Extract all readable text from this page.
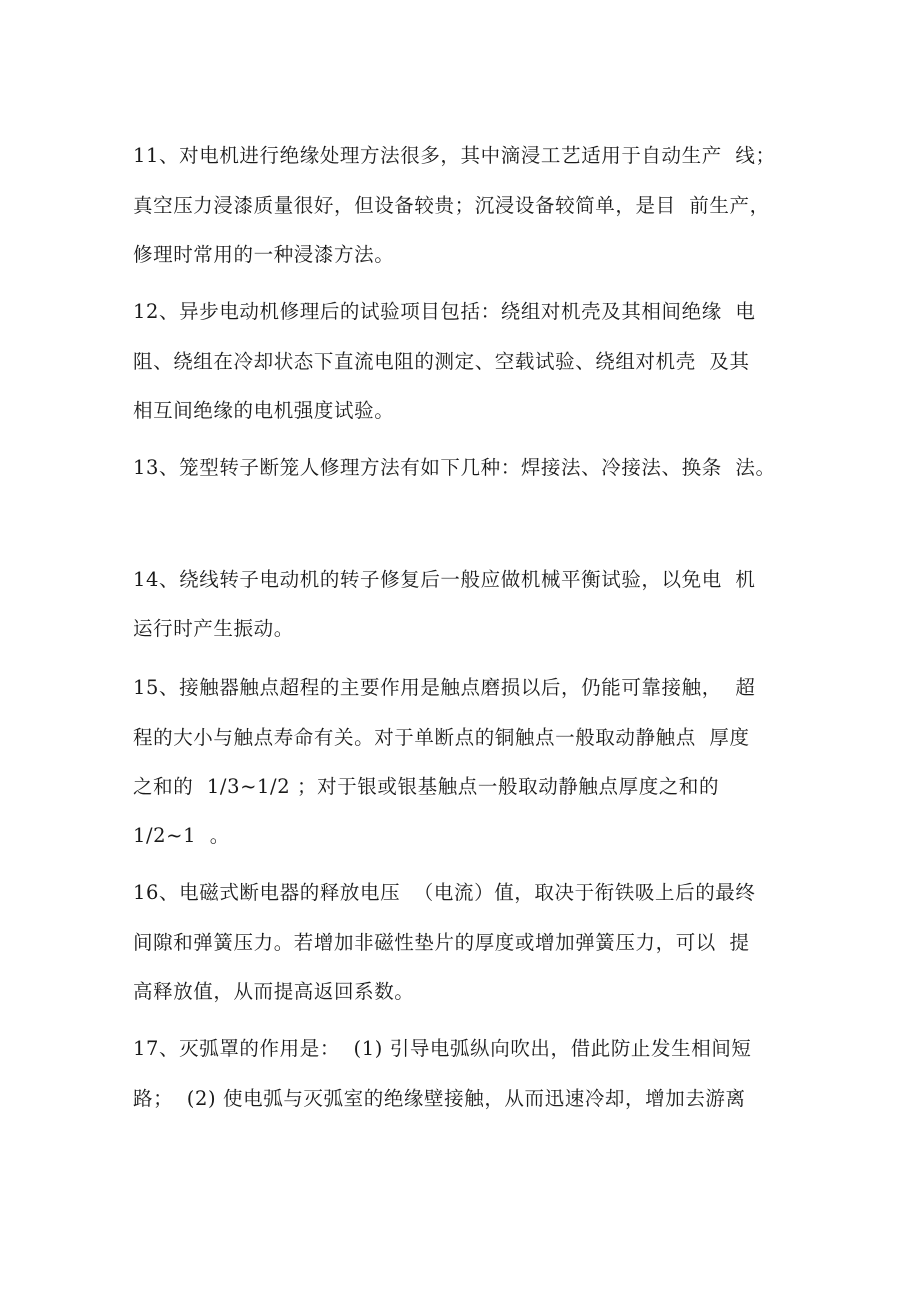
11、对电机进行绝缘处理方法很多，其中滴浸工艺适用于自动生产  线；
真空压力浸漆质量很好，但设备较贵；沉浸设备较简单，是目  前生产，
修理时常用的一种浸漆方法。
12、异步电动机修理后的试验项目包括：绕组对机壳及其相间绝缘  电
阻、绕组在冷却状态下直流电阻的测定、空载试验、绕组对机壳  及其
相互间绝缘的电机强度试验。
13、笼型转子断笼人修理方法有如下几种：焊接法、冷接法、换条  法。
14、绕线转子电动机的转子修复后一般应做机械平衡试验，以免电  机
运行时产生振动。
15、接触器触点超程的主要作用是触点磨损以后，仍能可靠接触，  超
程的大小与触点寿命有关。对于单断点的铜触点一般取动静触点  厚度
之和的  1/3~1/2 ；对于银或银基触点一般取动静触点厚度之和的
1/2~1  。
16、电磁式断电器的释放电压  （电流）值，取决于衔铁吸上后的最终
间隙和弹簧压力。若增加非磁性垫片的厚度或增加弹簧压力，可以  提
高释放值，从而提高返回系数。
17、灭弧罩的作用是：  (1) 引导电弧纵向吹出，借此防止发生相间短
路；  (2) 使电弧与灭弧室的绝缘壁接触，从而迅速冷却，增加去游离
